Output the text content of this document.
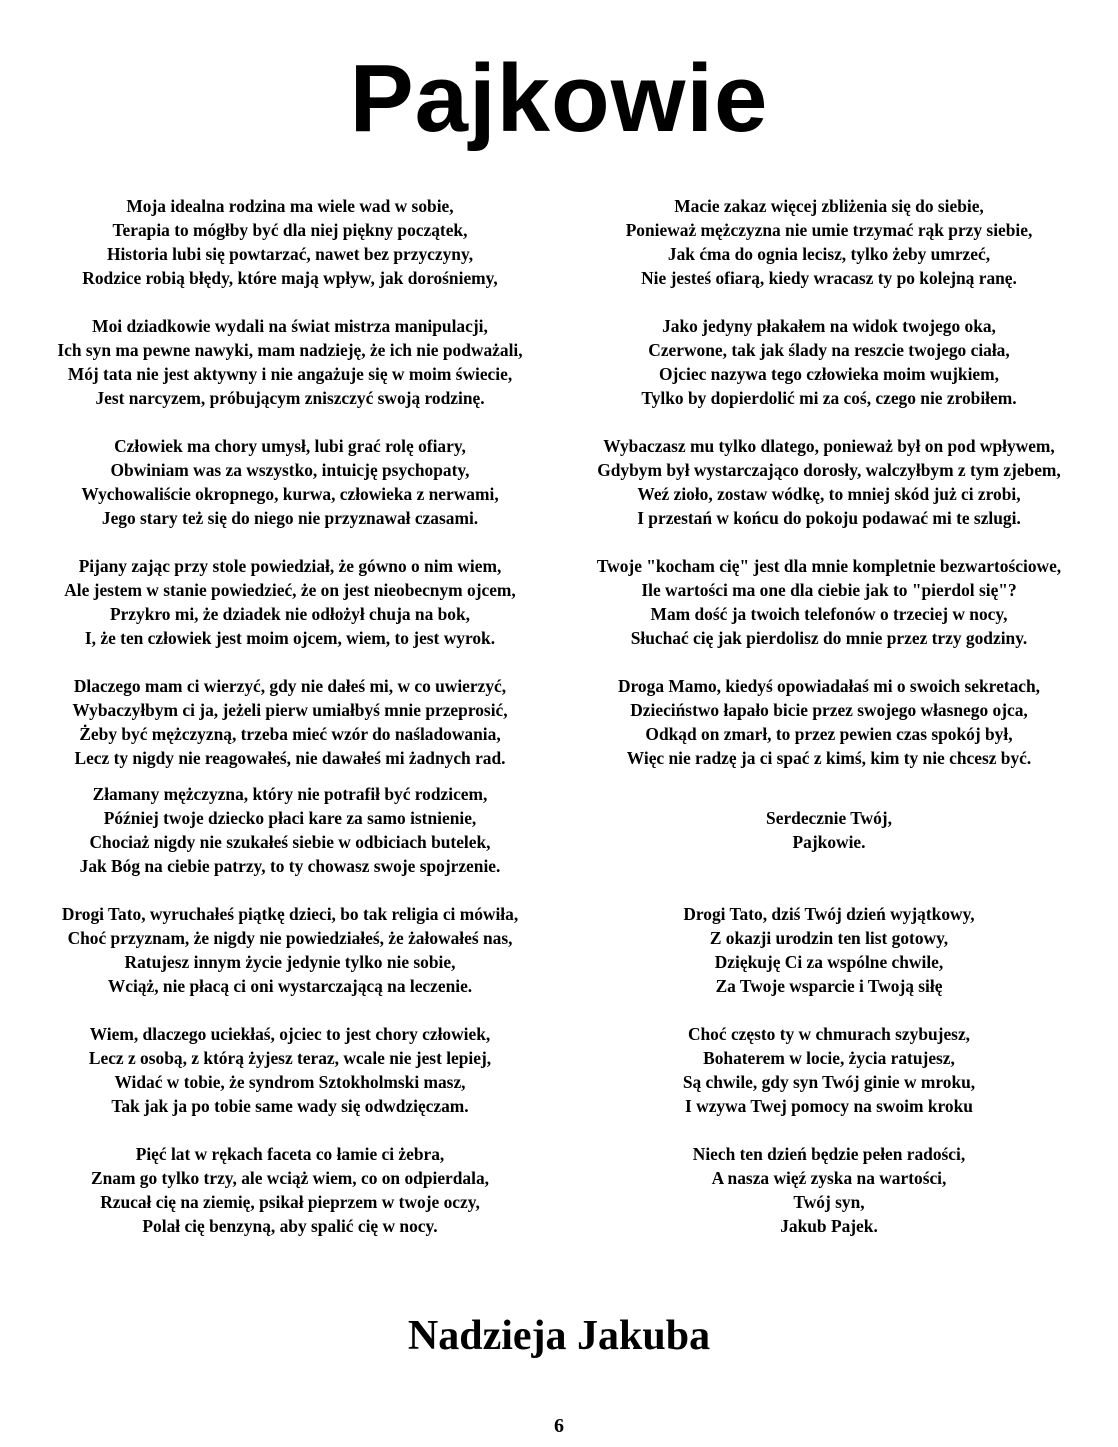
Pajkowie
Moja idealna rodzina ma wiele wad w sobie,
Terapia to mógłby być dla niej piękny początek,
Historia lubi się powtarzać, nawet bez przyczyny,
Rodzice robią błędy, które mają wpływ, jak dorośniemy,
Moi dziadkowie wydali na świat mistrza manipulacji,
Ich syn ma pewne nawyki, mam nadzieję, że ich nie podważali,
Mój tata nie jest aktywny i nie angażuje się w moim świecie,
Jest narcyzem, próbującym zniszczyć swoją rodzinę.
Człowiek ma chory umysł, lubi grać rolę ofiary,
Obwiniam was za wszystko, intuicję psychopaty,
Wychowaliście okropnego, kurwa, człowieka z nerwami,
Jego stary też się do niego nie przyznawał czasami.
Pijany zając przy stole powiedział, że gówno o nim wiem,
Ale jestem w stanie powiedzieć, że on jest nieobecnym ojcem,
Przykro mi, że dziadek nie odłożył chuja na bok,
I, że ten człowiek jest moim ojcem, wiem, to jest wyrok.
Dlaczego mam ci wierzyć, gdy nie dałeś mi, w co uwierzyć,
Wybaczyłbym ci ja, jeżeli pierw umiałbyś mnie przeprosić,
Żeby być mężczyzną, trzeba mieć wzór do naśladowania,
Lecz ty nigdy nie reagowałeś, nie dawałeś mi żadnych rad.
Złamany mężczyzna, który nie potrafił być rodzicem,
Później twoje dziecko płaci kare za samo istnienie,
Chociaż nigdy nie szukałeś siebie w odbiciach butelek,
Jak Bóg na ciebie patrzy, to ty chowasz swoje spojrzenie.
Drogi Tato, wyruchałeś piątkę dzieci, bo tak religia ci mówiła,
Choć przyznam, że nigdy nie powiedziałeś, że żałowałeś nas,
Ratujesz innym życie jedynie tylko nie sobie,
Wciąż, nie płacą ci oni wystarczającą na leczenie.
Wiem, dlaczego uciekłaś, ojciec to jest chory człowiek,
Lecz z osobą, z którą żyjesz teraz, wcale nie jest lepiej,
Widać w tobie, że syndrom Sztokholmski masz,
Tak jak ja po tobie same wady się odwdzięczam.
Pięć lat w rękach faceta co łamie ci żebra,
Znam go tylko trzy, ale wciąż wiem, co on odpierdala,
Rzucał cię na ziemię, psikał pieprzem w twoje oczy,
Polał cię benzyną, aby spalić cię w nocy.
Macie zakaz więcej zbliżenia się do siebie,
Ponieważ mężczyzna nie umie trzymać rąk przy siebie,
Jak ćma do ognia lecisz, tylko żeby umrzeć,
Nie jesteś ofiarą, kiedy wracasz ty po kolejną ranę.
Jako jedyny płakałem na widok twojego oka,
Czerwone, tak jak ślady na reszcie twojego ciała,
Ojciec nazywa tego człowieka moim wujkiem,
Tylko by dopierdolić mi za coś, czego nie zrobiłem.
Wybaczasz mu tylko dlatego, ponieważ był on pod wpływem,
Gdybym był wystarczająco dorosły, walczyłbym z tym zjebem,
Weź zioło, zostaw wódkę, to mniej skód już ci zrobi,
I przestań w końcu do pokoju podawać mi te szlugi.
Twoje "kocham cię" jest dla mnie kompletnie bezwartościowe,
Ile wartości ma one dla ciebie jak to "pierdol się"?
Mam dość ja twoich telefonów o trzeciej w nocy,
Słuchać cię jak pierdolisz do mnie przez trzy godziny.
Droga Mamo, kiedyś opowiadałaś mi o swoich sekretach,
Dzieciństwo łapało bicie przez swojego własnego ojca,
Odkąd on zmarł, to przez pewien czas spokój był,
Więc nie radzę ja ci spać z kimś, kim ty nie chcesz być.
Serdecznie Twój,
Pajkowie.
Drogi Tato, dziś Twój dzień wyjątkowy,
Z okazji urodzin ten list gotowy,
Dziękuję Ci za wspólne chwile,
Za Twoje wsparcie i Twoją siłę
Choć często ty w chmurach szybujesz,
Bohaterem w locie, życia ratujesz,
Są chwile, gdy syn Twój ginie w mroku,
I wzywa Twej pomocy na swoim kroku
Niech ten dzień będzie pełen radości,
A nasza więź zyska na wartości,
Twój syn,
Jakub Pajek.
Nadzieja Jakuba
6
